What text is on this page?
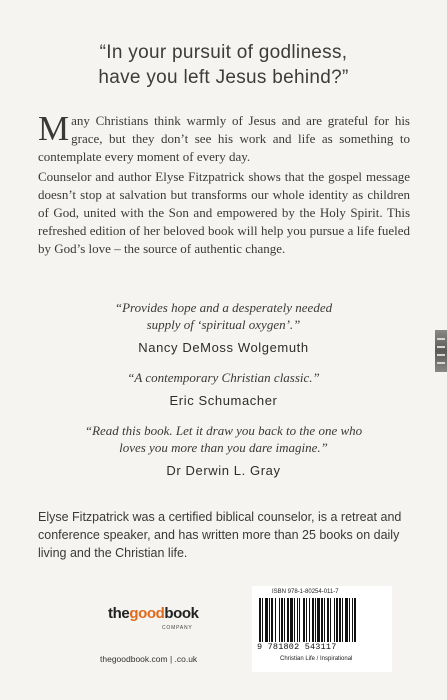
“In your pursuit of godliness,
have you left Jesus behind?”
Many Christians think warmly of Jesus and are grateful for his grace, but they don’t see his work and life as something to contemplate every moment of every day.
Counselor and author Elyse Fitzpatrick shows that the gospel message doesn’t stop at salvation but transforms our whole identity as children of God, united with the Son and empowered by the Holy Spirit. This refreshed edition of her beloved book will help you pursue a life fueled by God’s love – the source of authentic change.
“Provides hope and a desperately needed
supply of ‘spiritual oxygen’.”
Nancy DeMoss Wolgemuth
“A contemporary Christian classic.”
Eric Schumacher
“Read this book. Let it draw you back to the one who
loves you more than you dare imagine.”
Dr Derwin L. Gray
Elyse Fitzpatrick was a certified biblical counselor, is a retreat and conference speaker, and has written more than 25 books on daily living and the Christian life.
thegoodbook
COMPANY
thegoodbook.com | .co.uk
ISBN 978-1-80254-011-7
9 781802 543117
Christian Life / Inspirational
